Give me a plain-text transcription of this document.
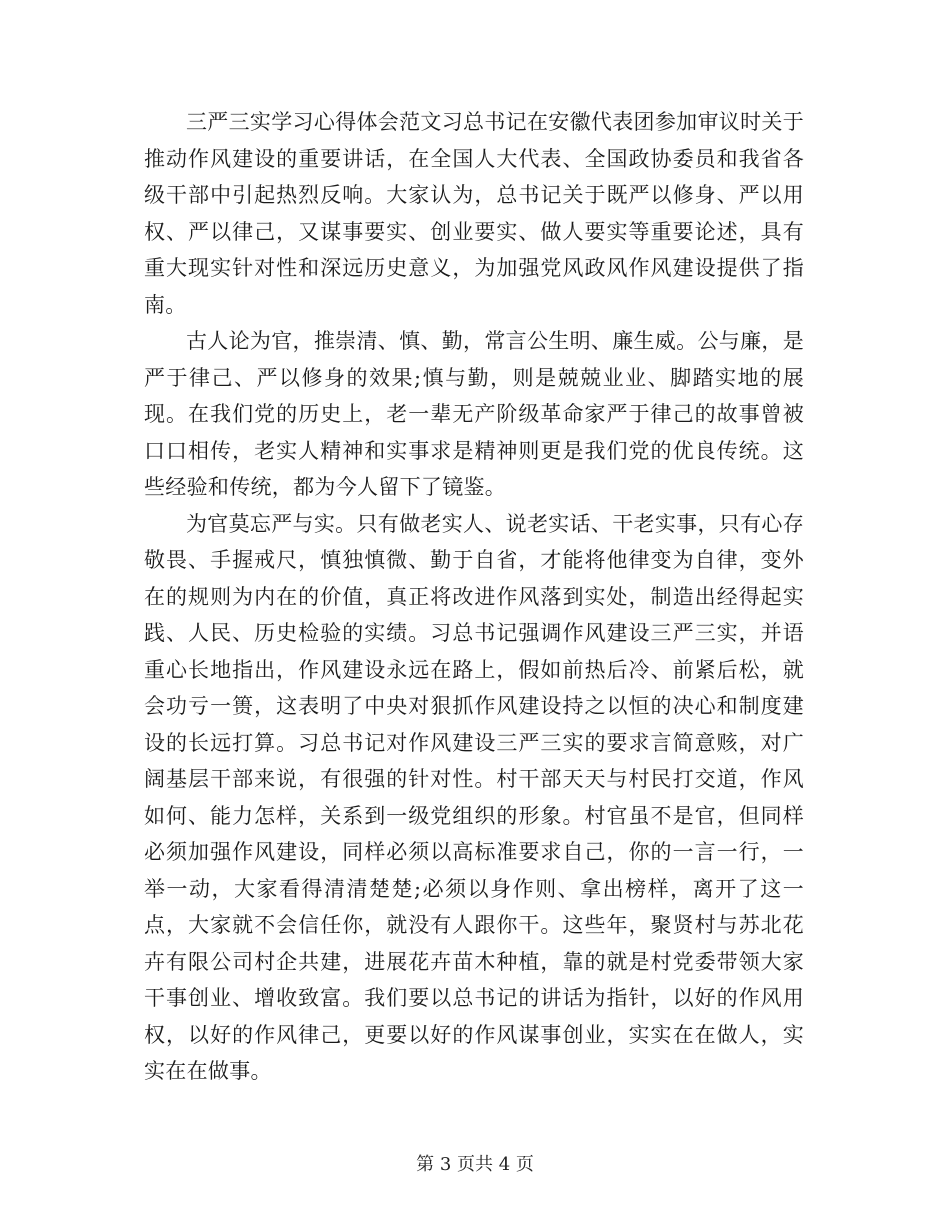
三严三实学习心得体会范文习总书记在安徽代表团参加审议时关于推动作风建设的重要讲话，在全国人大代表、全国政协委员和我省各级干部中引起热烈反响。大家认为，总书记关于既严以修身、严以用权、严以律己，又谋事要实、创业要实、做人要实等重要论述，具有重大现实针对性和深远历史意义，为加强党风政风作风建设提供了指南。

古人论为官，推崇清、慎、勤，常言公生明、廉生威。公与廉，是严于律己、严以修身的效果;慎与勤，则是兢兢业业、脚踏实地的展现。在我们党的历史上，老一辈无产阶级革命家严于律己的故事曾被口口相传，老实人精神和实事求是精神则更是我们党的优良传统。这些经验和传统，都为今人留下了镜鉴。

为官莫忘严与实。只有做老实人、说老实话、干老实事，只有心存敬畏、手握戒尺，慎独慎微、勤于自省，才能将他律变为自律，变外在的规则为内在的价值，真正将改进作风落到实处，制造出经得起实践、人民、历史检验的实绩。习总书记强调作风建设三严三实，并语重心长地指出，作风建设永远在路上，假如前热后冷、前紧后松，就会功亏一篑，这表明了中央对狠抓作风建设持之以恒的决心和制度建设的长远打算。习总书记对作风建设三严三实的要求言简意赅，对广阔基层干部来说，有很强的针对性。村干部天天与村民打交道，作风如何、能力怎样，关系到一级党组织的形象。村官虽不是官，但同样必须加强作风建设，同样必须以高标准要求自己，你的一言一行，一举一动，大家看得清清楚楚;必须以身作则、拿出榜样，离开了这一点，大家就不会信任你，就没有人跟你干。这些年，聚贤村与苏北花卉有限公司村企共建，进展花卉苗木种植，靠的就是村党委带领大家干事创业、增收致富。我们要以总书记的讲话为指针，以好的作风用权，以好的作风律己，更要以好的作风谋事创业，实实在在做人，实实在在做事。

第 3 页共 4 页
